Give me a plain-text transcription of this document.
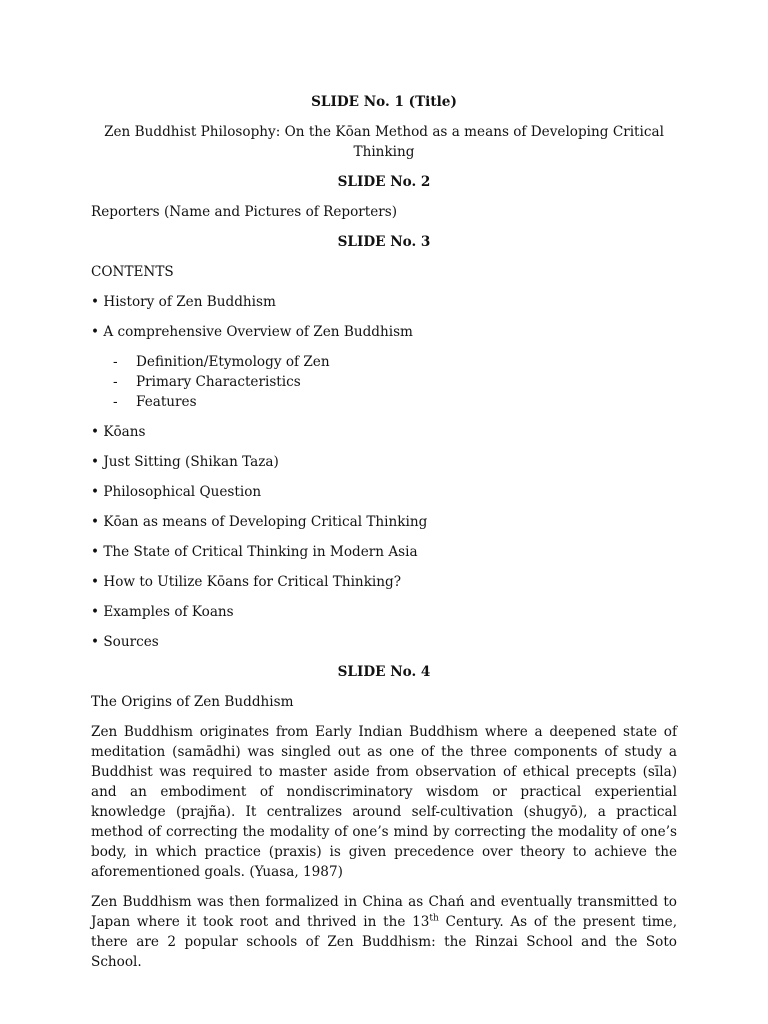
SLIDE No. 1 (Title)

Zen Buddhist Philosophy: On the Kōan Method as a means of Developing Critical Thinking

SLIDE No. 2

Reporters (Name and Pictures of Reporters)

SLIDE No. 3

CONTENTS

• History of Zen Buddhism

• A comprehensive Overview of Zen Buddhism

- Definition/Etymology of Zen
- Primary Characteristics
- Features

• Kōans

• Just Sitting (Shikan Taza)

• Philosophical Question

• Kōan as means of Developing Critical Thinking

• The State of Critical Thinking in Modern Asia

• How to Utilize Kōans for Critical Thinking?

• Examples of Koans

• Sources

SLIDE No. 4

The Origins of Zen Buddhism

Zen Buddhism originates from Early Indian Buddhism where a deepened state of meditation (samādhi) was singled out as one of the three components of study a Buddhist was required to master aside from observation of ethical precepts (sīla) and an embodiment of nondiscriminatory wisdom or practical experiential knowledge (prajña). It centralizes around self-cultivation (shugyō), a practical method of correcting the modality of one’s mind by correcting the modality of one’s body, in which practice (praxis) is given precedence over theory to achieve the aforementioned goals. (Yuasa, 1987)

Zen Buddhism was then formalized in China as Chań and eventually transmitted to Japan where it took root and thrived in the 13th Century. As of the present time, there are 2 popular schools of Zen Buddhism: the Rinzai School and the Soto School.
